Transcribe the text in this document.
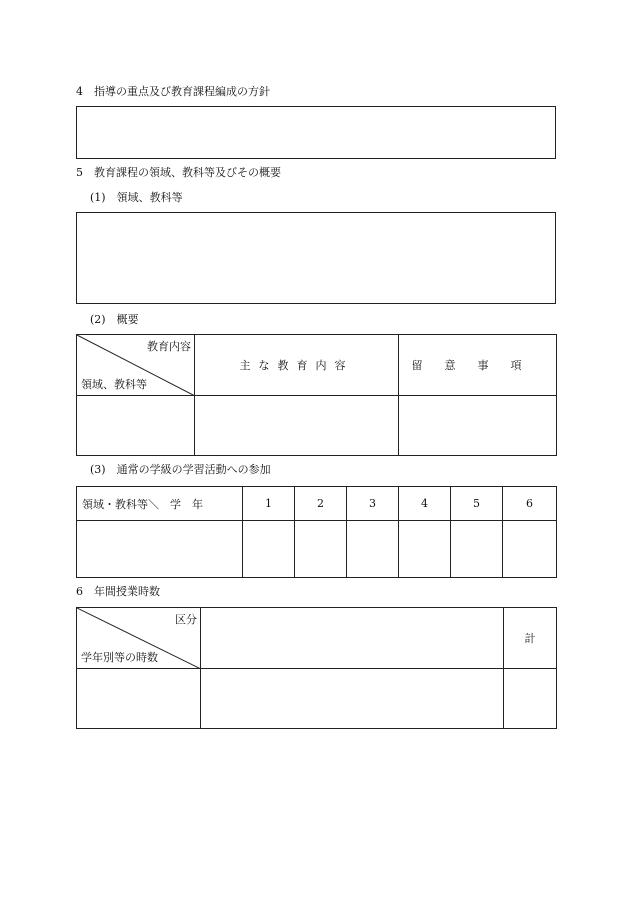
4　指導の重点及び教育課程編成の方針
5　教育課程の領域、教科等及びその概要
(1)　領域、教科等
(2)　概要
教育内容
領域、教科等	主な教育内容	留意事項

(3)　通常の学級の学習活動への参加
領域・教科等＼　学　年	1	2	3	4	5	6

6　年間授業時数
区分
学年別等の時数		計
